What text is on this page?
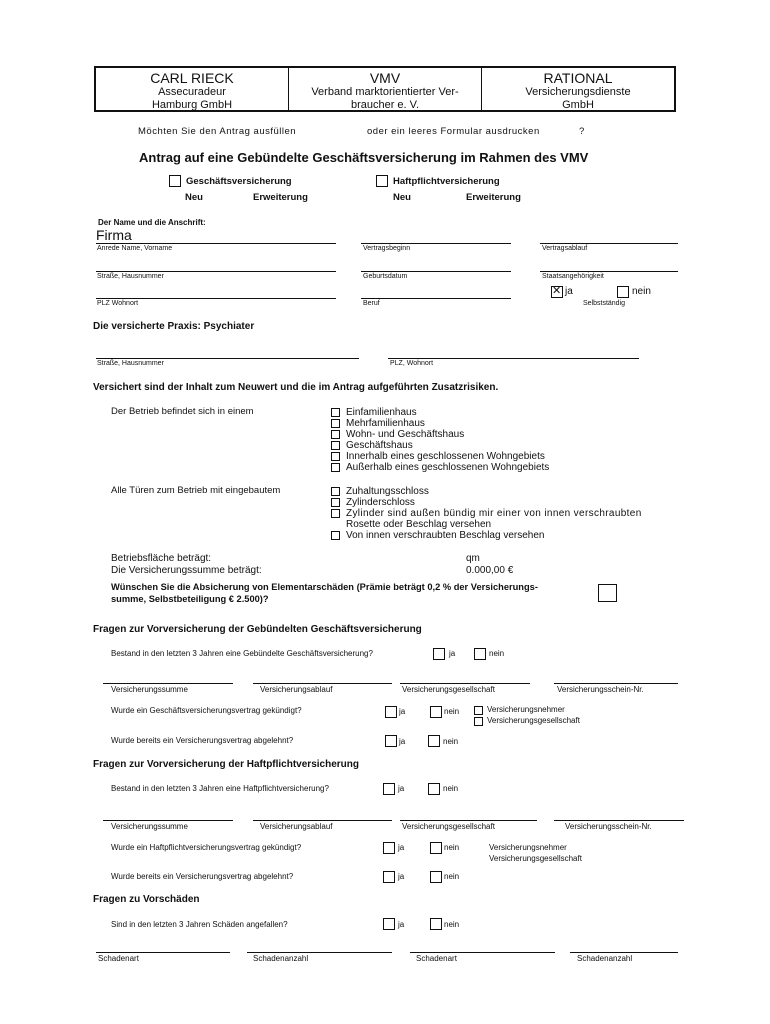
CARL RIECK
Assecuradeur
Hamburg GmbH
VMV
Verband marktorientierter Ver-
braucher e. V.
RATIONAL
Versicherungsdienste
GmbH
Möchten Sie den Antrag ausfüllen	oder ein leeres Formular ausdrucken	?
Antrag auf eine Gebündelte Geschäftsversicherung im Rahmen des VMV
Geschäftsversicherung	Haftpflichtversicherung
Neu	Erweiterung	Neu	Erweiterung
Der Name und die Anschrift:
Firma
Anrede Name, Vorname	Vertragsbeginn	Vertragsablauf
Straße, Hausnummer	Geburtsdatum	Staatsangehörigkeit
✕ ja	nein
PLZ Wohnort	Beruf	Selbstständig
Die versicherte Praxis: Psychiater
Straße, Hausnummer	PLZ, Wohnort
Versichert sind der Inhalt zum Neuwert und die im Antrag aufgeführten Zusatzrisiken.
Der Betrieb befindet sich in einem	Einfamilienhaus
Mehrfamilienhaus
Wohn- und Geschäftshaus
Geschäftshaus
Innerhalb eines geschlossenen Wohngebiets
Außerhalb eines geschlossenen Wohngebiets
Alle Türen zum Betrieb mit eingebautem	Zuhaltungsschloss
Zylinderschloss
Zylinder sind außen bündig mir einer von innen verschraubten
Rosette oder Beschlag versehen
Von innen verschraubten Beschlag versehen
Betriebsfläche beträgt:	qm
Die Versicherungssumme beträgt:	0.000,00 €
Wünschen Sie die Absicherung von Elementarschäden (Prämie beträgt 0,2 % der Versicherungs-
summe, Selbstbeteiligung € 2.500)?
Fragen zur Vorversicherung der Gebündelten Geschäftsversicherung
Bestand in den letzten 3 Jahren eine Gebündelte Geschäftsversicherung?	ja	nein
Versicherungssumme	Versicherungsablauf	Versicherungsgesellschaft	Versicherungsschein-Nr.
Wurde ein Geschäftsversicherungsvertrag gekündigt?	ja	nein	Versicherungsnehmer
Versicherungsgesellschaft
Wurde bereits ein Versicherungsvertrag abgelehnt?	ja	nein
Fragen zur Vorversicherung der Haftpflichtversicherung
Bestand in den letzten 3 Jahren eine Haftpflichtversicherung?	ja	nein
Versicherungssumme	Versicherungsablauf	Versicherungsgesellschaft	Versicherungsschein-Nr.
Wurde ein Haftpflichtversicherungsvertrag gekündigt?	ja	nein	Versicherungsnehmer
Versicherungsgesellschaft
Wurde bereits ein Versicherungsvertrag abgelehnt?	ja	nein
Fragen zu Vorschäden
Sind in den letzten 3 Jahren Schäden angefallen?	ja	nein
Schadenart	Schadenanzahl	Schadenart	Schadenanzahl
